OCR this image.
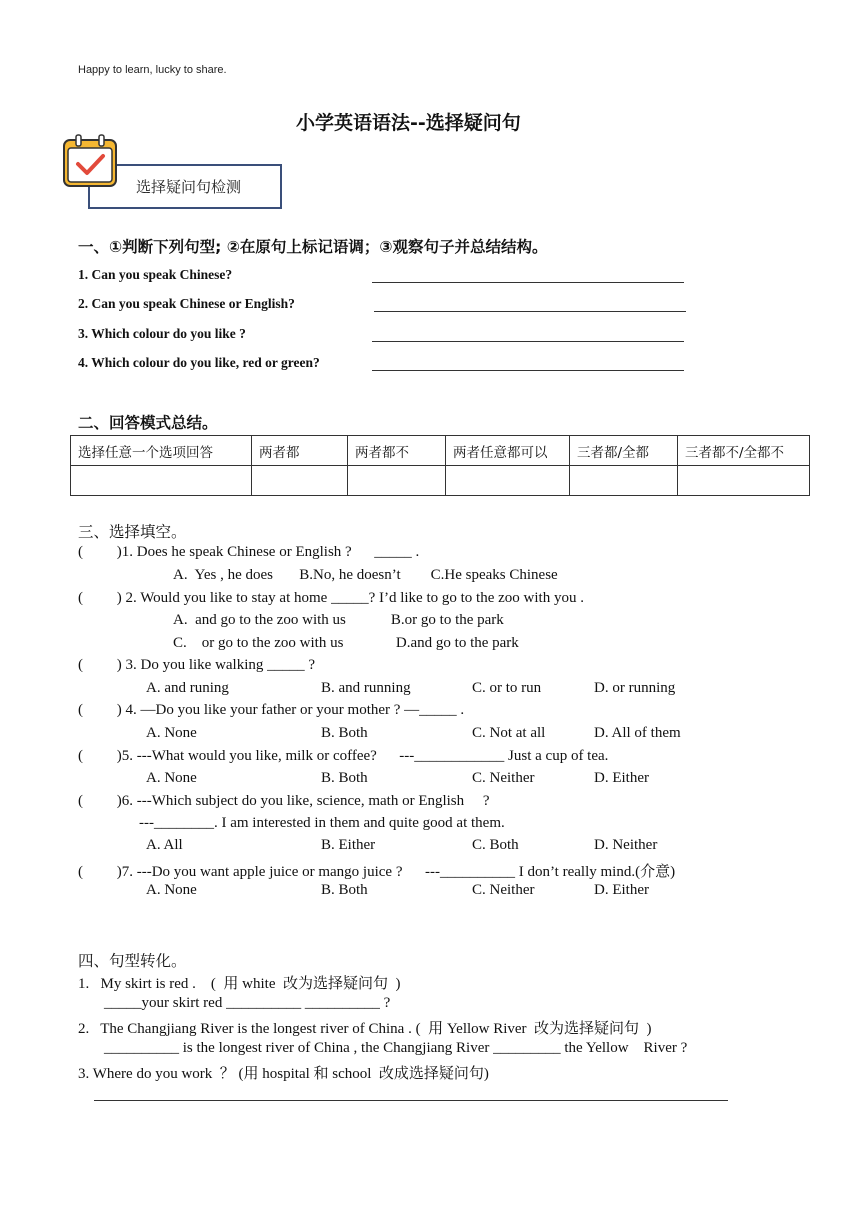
Happy to learn, lucky to share.
小学英语语法--选择疑问句
选择疑问句检测
一、①判断下列句型; ②在原句上标记语调；③观察句子并总结结构。
1. Can you speak Chinese?
2. Can you speak Chinese or English?
3. Which colour do you like ?
4. Which colour do you like, red or green?
二、回答模式总结。
选择任意一个选项回答	两者都	两者都不	两者任意都可以	三者都/全都	三者都不/全都不

三、选择填空。
(         )1. Does he speak Chinese or English ?      _____ .
A.  Yes , he does       B.No, he doesn’t        C.He speaks Chinese
(         ) 2. Would you like to stay at home _____? I’d like to go to the zoo with you .
A.  and go to the zoo with us            B.or go to the park
C.    or go to the zoo with us              D.and go to the park
(         ) 3. Do you like walking _____ ?
A. and runing	B. and running	C. or to run	D. or running
(         ) 4. —Do you like your father or your mother ? —_____ .
A. None	B. Both	C. Not at all	D. All of them
(         )5. ---What would you like, milk or coffee?      ---____________ Just a cup of tea.
A. None	B. Both	C. Neither	D. Either
(         )6. ---Which subject do you like, science, math or English     ?
---________. I am interested in them and quite good at them.
A. All	B. Either	C. Both	D. Neither
(         )7. ---Do you want apple juice or mango juice ?      ---__________ I don’t really mind.(介意)
A. None	B. Both	C. Neither	D. Either
四、句型转化。
1.   My skirt is red .    (  用 white  改为选择疑问句  )
_____your skirt red __________ __________ ?
2.   The Changjiang River is the longest river of China . (  用 Yellow River  改为选择疑问句  )
__________ is the longest river of China , the Changjiang River _________ the Yellow    River ?
3. Where do you work  ？ (用 hospital 和 school  改成选择疑问句)
